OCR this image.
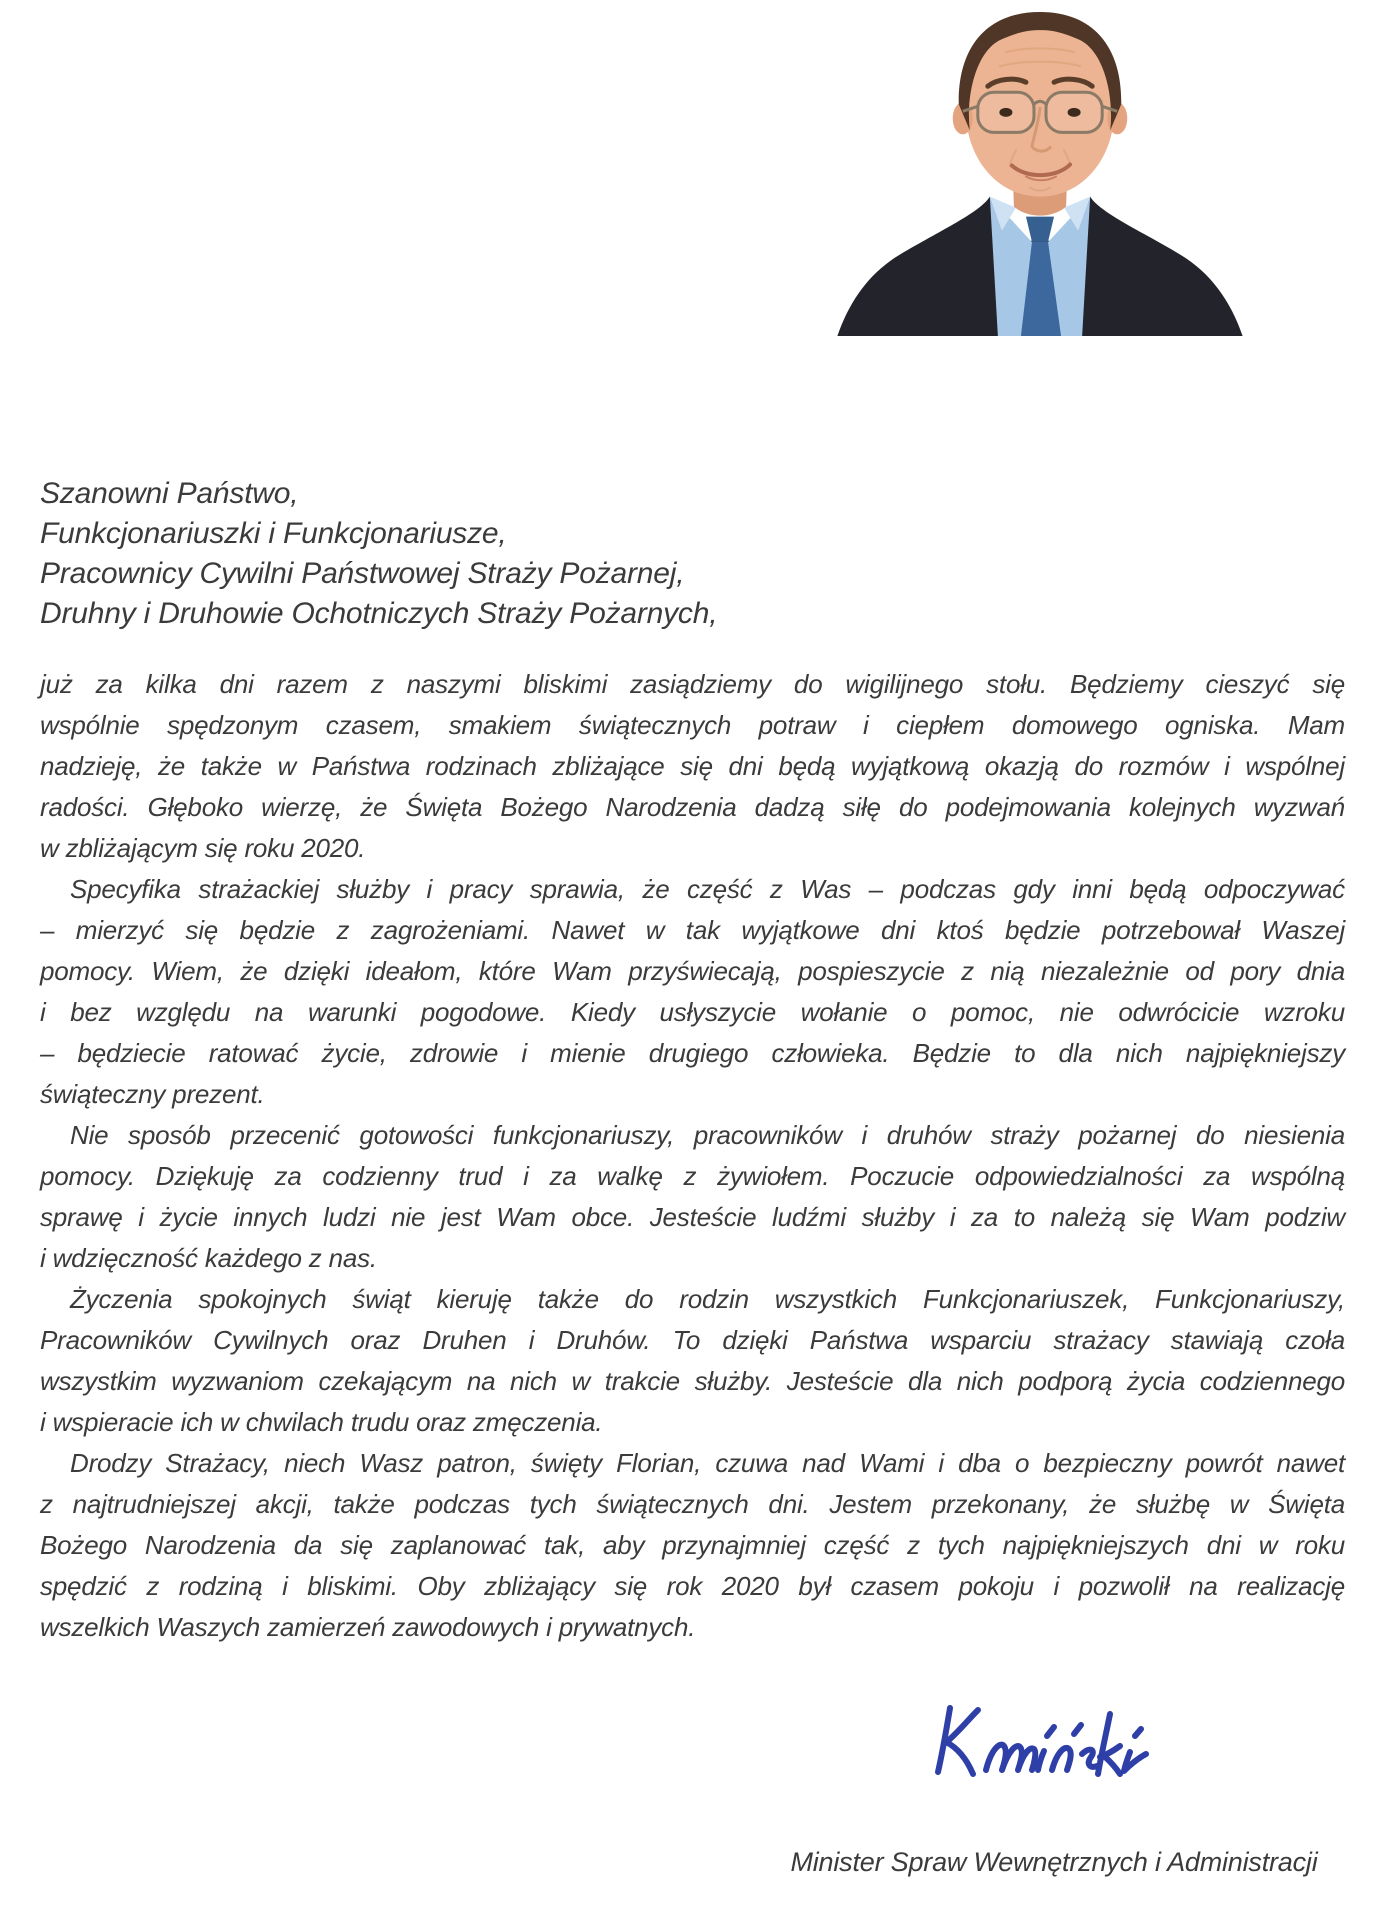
Szanowni Państwo,
Funkcjonariuszki i Funkcjonariusze,
Pracownicy Cywilni Państwowej Straży Pożarnej,
Druhny i Druhowie Ochotniczych Straży Pożarnych,
już za kilka dni razem z naszymi bliskimi zasiądziemy do wigilijnego stołu. Będziemy cieszyć się
wspólnie spędzonym czasem, smakiem świątecznych potraw i ciepłem domowego ogniska. Mam
nadzieję, że także w Państwa rodzinach zbliżające się dni będą wyjątkową okazją do rozmów i wspólnej
radości. Głęboko wierzę, że Święta Bożego Narodzenia dadzą siłę do podejmowania kolejnych wyzwań
w zbliżającym się roku 2020.
Specyfika strażackiej służby i pracy sprawia, że część z Was – podczas gdy inni będą odpoczywać
– mierzyć się będzie z zagrożeniami. Nawet w tak wyjątkowe dni ktoś będzie potrzebował Waszej
pomocy. Wiem, że dzięki ideałom, które Wam przyświecają, pospieszycie z nią niezależnie od pory dnia
i bez względu na warunki pogodowe. Kiedy usłyszycie wołanie o pomoc, nie odwrócicie wzroku
– będziecie ratować życie, zdrowie i mienie drugiego człowieka. Będzie to dla nich najpiękniejszy
świąteczny prezent.
Nie sposób przecenić gotowości funkcjonariuszy, pracowników i druhów straży pożarnej do niesienia
pomocy. Dziękuję za codzienny trud i za walkę z żywiołem. Poczucie odpowiedzialności za wspólną
sprawę i życie innych ludzi nie jest Wam obce. Jesteście ludźmi służby i za to należą się Wam podziw
i wdzięczność każdego z nas.
Życzenia spokojnych świąt kieruję także do rodzin wszystkich Funkcjonariuszek, Funkcjonariuszy,
Pracowników Cywilnych oraz Druhen i Druhów. To dzięki Państwa wsparciu strażacy stawiają czoła
wszystkim wyzwaniom czekającym na nich w trakcie służby. Jesteście dla nich podporą życia codziennego
i wspieracie ich w chwilach trudu oraz zmęczenia.
Drodzy Strażacy, niech Wasz patron, święty Florian, czuwa nad Wami i dba o bezpieczny powrót nawet
z najtrudniejszej akcji, także podczas tych świątecznych dni. Jestem przekonany, że służbę w Święta
Bożego Narodzenia da się zaplanować tak, aby przynajmniej część z tych najpiękniejszych dni w roku
spędzić z rodziną i bliskimi. Oby zbliżający się rok 2020 był czasem pokoju i pozwolił na realizację
wszelkich Waszych zamierzeń zawodowych i prywatnych.
Minister Spraw Wewnętrznych i Administracji
